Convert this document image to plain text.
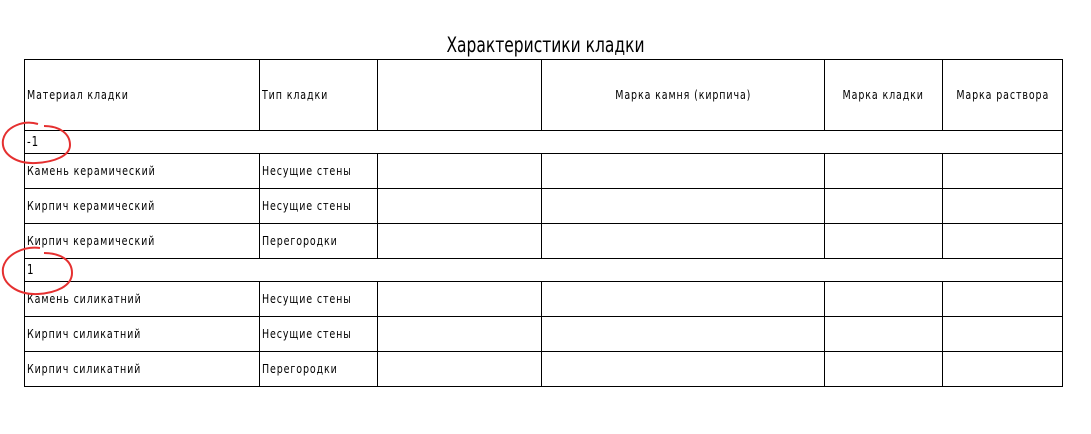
Характеристики кладки
Материал кладки	Тип кладки		Марка камня (кирпича)	Марка кладки	Марка раствора
-1					
Камень керамический	Несущие стены				
Кирпич керамический	Несущие стены				
Кирпич керамический	Перегородки				
1					
Камень силикатний	Несущие стены				
Кирпич силикатний	Несущие стены				
Кирпич силикатний	Перегородки				
